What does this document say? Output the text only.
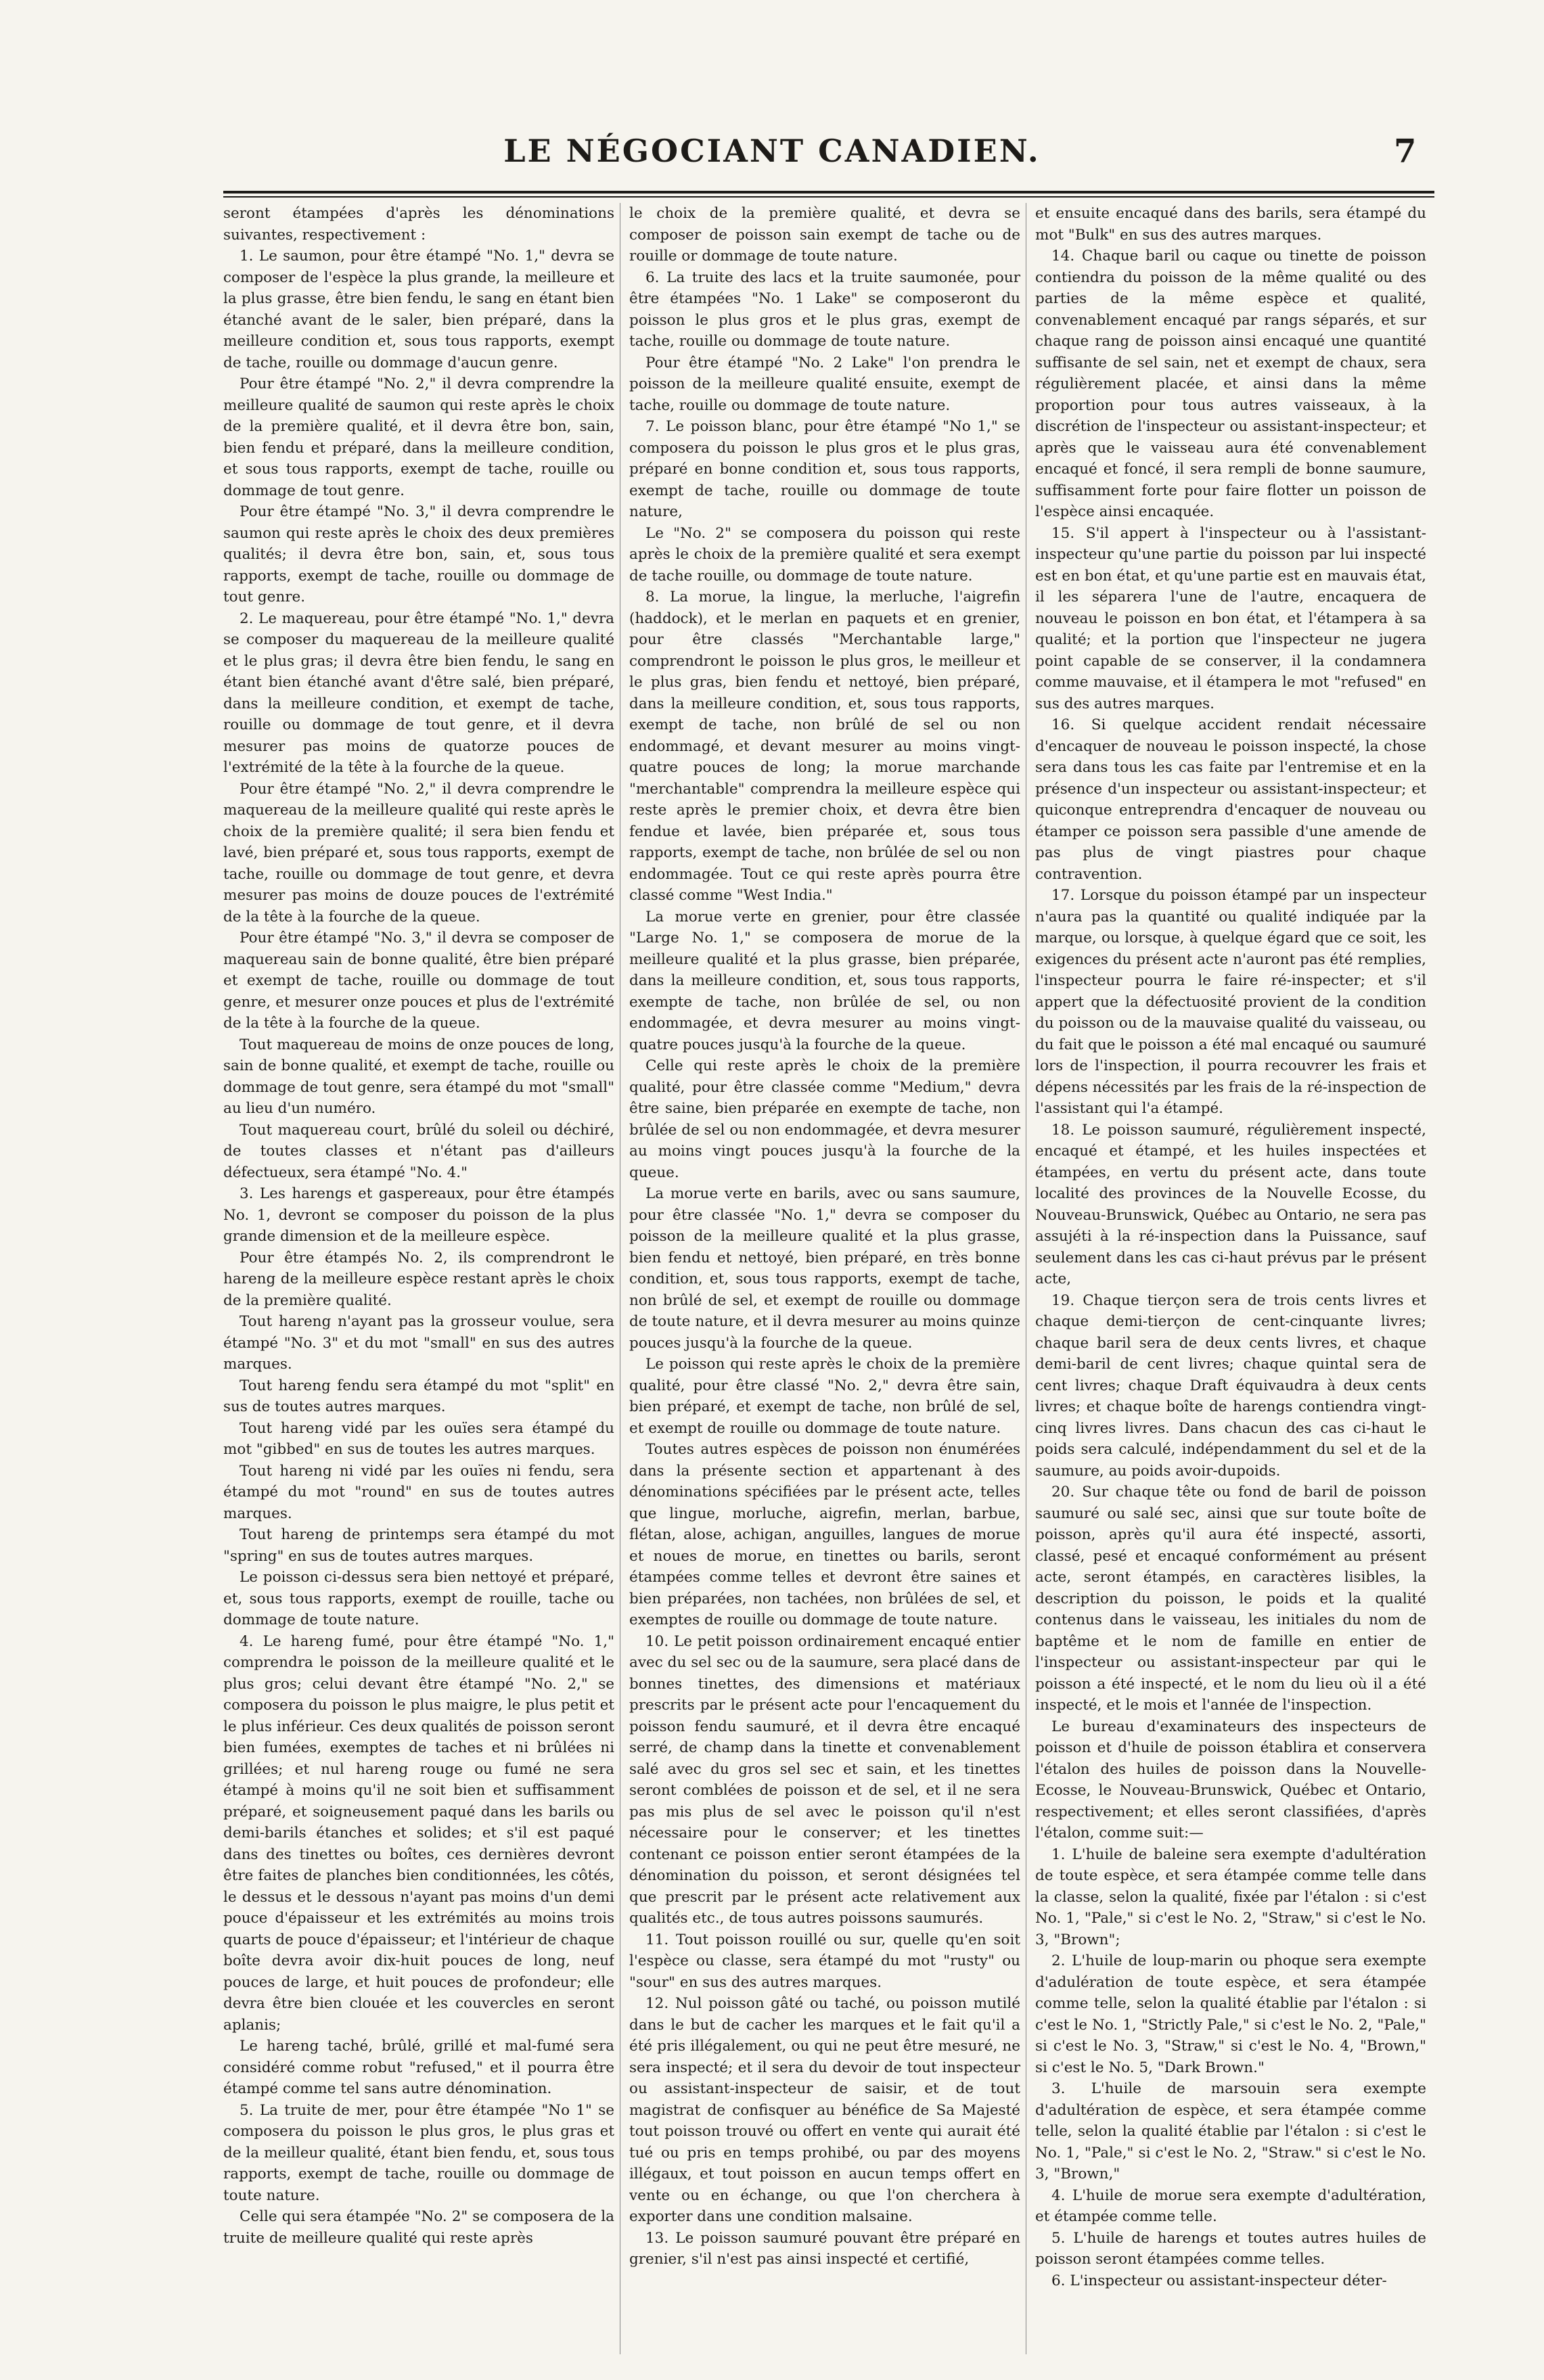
LE NÉGOCIANT CANADIEN.	7

seront étampées d'après les dénominations suivantes, respectivement :

1. Le saumon, pour être étampé "No. 1," devra se composer de l'espèce la plus grande, la meilleure et la plus grasse, être bien fendu, le sang en étant bien étanché avant de le saler, bien préparé, dans la meilleure condition et, sous tous rapports, exempt de tache, rouille ou dommage d'aucun genre.

Pour être étampé "No. 2," il devra comprendre la meilleure qualité de saumon qui reste après le choix de la première qualité, et il devra être bon, sain, bien fendu et préparé, dans la meilleure condition, et sous tous rapports, exempt de tache, rouille ou dommage de tout genre.

Pour être étampé "No. 3," il devra comprendre le saumon qui reste après le choix des deux premières qualités; il devra être bon, sain, et, sous tous rapports, exempt de tache, rouille ou dommage de tout genre.

2. Le maquereau, pour être étampé "No. 1," devra se composer du maquereau de la meilleure qualité et le plus gras; il devra être bien fendu, le sang en étant bien étanché avant d'être salé, bien préparé, dans la meilleure condition, et exempt de tache, rouille ou dommage de tout genre, et il devra mesurer pas moins de quatorze pouces de l'extrémité de la tête à la fourche de la queue.

Pour être étampé "No. 2," il devra comprendre le maquereau de la meilleure qualité qui reste après le choix de la première qualité; il sera bien fendu et lavé, bien préparé et, sous tous rapports, exempt de tache, rouille ou dommage de tout genre, et devra mesurer pas moins de douze pouces de l'extrémité de la tête à la fourche de la queue.

Pour être étampé "No. 3," il devra se composer de maquereau sain de bonne qualité, être bien préparé et exempt de tache, rouille ou dommage de tout genre, et mesurer onze pouces et plus de l'extrémité de la tête à la fourche de la queue.

Tout maquereau de moins de onze pouces de long, sain de bonne qualité, et exempt de tache, rouille ou dommage de tout genre, sera étampé du mot "small" au lieu d'un numéro.

Tout maquereau court, brûlé du soleil ou déchiré, de toutes classes et n'étant pas d'ailleurs défectueux, sera étampé "No. 4."

3. Les harengs et gaspereaux, pour être étampés No. 1, devront se composer du poisson de la plus grande dimension et de la meilleure espèce.

Pour être étampés No. 2, ils comprendront le hareng de la meilleure espèce restant après le choix de la première qualité.

Tout hareng n'ayant pas la grosseur voulue, sera étampé "No. 3" et du mot "small" en sus des autres marques.

Tout hareng fendu sera étampé du mot "split" en sus de toutes autres marques.

Tout hareng vidé par les ouïes sera étampé du mot "gibbed" en sus de toutes les autres marques.

Tout hareng ni vidé par les ouïes ni fendu, sera étampé du mot "round" en sus de toutes autres marques.

Tout hareng de printemps sera étampé du mot "spring" en sus de toutes autres marques.

Le poisson ci-dessus sera bien nettoyé et préparé, et, sous tous rapports, exempt de rouille, tache ou dommage de toute nature.

4. Le hareng fumé, pour être étampé "No. 1," comprendra le poisson de la meilleure qualité et le plus gros; celui devant être étampé "No. 2," se composera du poisson le plus maigre, le plus petit et le plus inférieur. Ces deux qualités de poisson seront bien fumées, exemptes de taches et ni brûlées ni grillées; et nul hareng rouge ou fumé ne sera étampé à moins qu'il ne soit bien et suffisamment préparé, et soigneusement paqué dans les barils ou demi-barils étanches et solides; et s'il est paqué dans des tinettes ou boîtes, ces dernières devront être faites de planches bien conditionnées, les côtés, le dessus et le dessous n'ayant pas moins d'un demi pouce d'épaisseur et les extrémités au moins trois quarts de pouce d'épaisseur; et l'intérieur de chaque boîte devra avoir dix-huit pouces de long, neuf pouces de large, et huit pouces de profondeur; elle devra être bien clouée et les couvercles en seront aplanis;

Le hareng taché, brûlé, grillé et mal-fumé sera considéré comme robut "refused," et il pourra être étampé comme tel sans autre dénomination.

5. La truite de mer, pour être étampée "No 1" se composera du poisson le plus gros, le plus gras et de la meilleur qualité, étant bien fendu, et, sous tous rapports, exempt de tache, rouille ou dommage de toute nature.

Celle qui sera étampée "No. 2" se composera de la truite de meilleure qualité qui reste après

le choix de la première qualité, et devra se composer de poisson sain exempt de tache ou de rouille or dommage de toute nature.

6. La truite des lacs et la truite saumonée, pour être étampées "No. 1 Lake" se composeront du poisson le plus gros et le plus gras, exempt de tache, rouille ou dommage de toute nature.

Pour être étampé "No. 2 Lake" l'on prendra le poisson de la meilleure qualité ensuite, exempt de tache, rouille ou dommage de toute nature.

7. Le poisson blanc, pour être étampé "No 1," se composera du poisson le plus gros et le plus gras, préparé en bonne condition et, sous tous rapports, exempt de tache, rouille ou dommage de toute nature,

Le "No. 2" se composera du poisson qui reste après le choix de la première qualité et sera exempt de tache rouille, ou dommage de toute nature.

8. La morue, la lingue, la merluche, l'aigrefin (haddock), et le merlan en paquets et en grenier, pour être classés "Merchantable large," comprendront le poisson le plus gros, le meilleur et le plus gras, bien fendu et nettoyé, bien préparé, dans la meilleure condition, et, sous tous rapports, exempt de tache, non brûlé de sel ou non endommagé, et devant mesurer au moins vingt-quatre pouces de long; la morue marchande "merchantable" comprendra la meilleure espèce qui reste après le premier choix, et devra être bien fendue et lavée, bien préparée et, sous tous rapports, exempt de tache, non brûlée de sel ou non endommagée. Tout ce qui reste après pourra être classé comme "West India."

La morue verte en grenier, pour être classée "Large No. 1," se composera de morue de la meilleure qualité et la plus grasse, bien préparée, dans la meilleure condition, et, sous tous rapports, exempte de tache, non brûlée de sel, ou non endommagée, et devra mesurer au moins vingt-quatre pouces jusqu'à la fourche de la queue.

Celle qui reste après le choix de la première qualité, pour être classée comme "Medium," devra être saine, bien préparée en exempte de tache, non brûlée de sel ou non endommagée, et devra mesurer au moins vingt pouces jusqu'à la fourche de la queue.

La morue verte en barils, avec ou sans saumure, pour être classée "No. 1," devra se composer du poisson de la meilleure qualité et la plus grasse, bien fendu et nettoyé, bien préparé, en très bonne condition, et, sous tous rapports, exempt de tache, non brûlé de sel, et exempt de rouille ou dommage de toute nature, et il devra mesurer au moins quinze pouces jusqu'à la fourche de la queue.

Le poisson qui reste après le choix de la première qualité, pour être classé "No. 2," devra être sain, bien préparé, et exempt de tache, non brûlé de sel, et exempt de rouille ou dommage de toute nature.

Toutes autres espèces de poisson non énumérées dans la présente section et appartenant à des dénominations spécifiées par le présent acte, telles que lingue, morluche, aigrefin, merlan, barbue, flétan, alose, achigan, anguilles, langues de morue et noues de morue, en tinettes ou barils, seront étampées comme telles et devront être saines et bien préparées, non tachées, non brûlées de sel, et exemptes de rouille ou dommage de toute nature.

10. Le petit poisson ordinairement encaqué entier avec du sel sec ou de la saumure, sera placé dans de bonnes tinettes, des dimensions et matériaux prescrits par le présent acte pour l'encaquement du poisson fendu saumuré, et il devra être encaqué serré, de champ dans la tinette et convenablement salé avec du gros sel sec et sain, et les tinettes seront comblées de poisson et de sel, et il ne sera pas mis plus de sel avec le poisson qu'il n'est nécessaire pour le conserver; et les tinettes contenant ce poisson entier seront étampées de la dénomination du poisson, et seront désignées tel que prescrit par le présent acte relativement aux qualités etc., de tous autres poissons saumurés.

11. Tout poisson rouillé ou sur, quelle qu'en soit l'espèce ou classe, sera étampé du mot "rusty" ou "sour" en sus des autres marques.

12. Nul poisson gâté ou taché, ou poisson mutilé dans le but de cacher les marques et le fait qu'il a été pris illégalement, ou qui ne peut être mesuré, ne sera inspecté; et il sera du devoir de tout inspecteur ou assistant-inspecteur de saisir, et de tout magistrat de confisquer au bénéfice de Sa Majesté tout poisson trouvé ou offert en vente qui aurait été tué ou pris en temps prohibé, ou par des moyens illégaux, et tout poisson en aucun temps offert en vente ou en échange, ou que l'on cherchera à exporter dans une condition malsaine.

13. Le poisson saumuré pouvant être préparé en grenier, s'il n'est pas ainsi inspecté et certifié,

et ensuite encaqué dans des barils, sera étampé du mot "Bulk" en sus des autres marques.

14. Chaque baril ou caque ou tinette de poisson contiendra du poisson de la même qualité ou des parties de la même espèce et qualité, convenablement encaqué par rangs séparés, et sur chaque rang de poisson ainsi encaqué une quantité suffisante de sel sain, net et exempt de chaux, sera régulièrement placée, et ainsi dans la même proportion pour tous autres vaisseaux, à la discrétion de l'inspecteur ou assistant-inspecteur; et après que le vaisseau aura été convenablement encaqué et foncé, il sera rempli de bonne saumure, suffisamment forte pour faire flotter un poisson de l'espèce ainsi encaquée.

15. S'il appert à l'inspecteur ou à l'assistant-inspecteur qu'une partie du poisson par lui inspecté est en bon état, et qu'une partie est en mauvais état, il les séparera l'une de l'autre, encaquera de nouveau le poisson en bon état, et l'étampera à sa qualité; et la portion que l'inspecteur ne jugera point capable de se conserver, il la condamnera comme mauvaise, et il étampera le mot "refused" en sus des autres marques.

16. Si quelque accident rendait nécessaire d'encaquer de nouveau le poisson inspecté, la chose sera dans tous les cas faite par l'entremise et en la présence d'un inspecteur ou assistant-inspecteur; et quiconque entreprendra d'encaquer de nouveau ou étamper ce poisson sera passible d'une amende de pas plus de vingt piastres pour chaque contravention.

17. Lorsque du poisson étampé par un inspecteur n'aura pas la quantité ou qualité indiquée par la marque, ou lorsque, à quelque égard que ce soit, les exigences du présent acte n'auront pas été remplies, l'inspecteur pourra le faire ré-inspecter; et s'il appert que la défectuosité provient de la condition du poisson ou de la mauvaise qualité du vaisseau, ou du fait que le poisson a été mal encaqué ou saumuré lors de l'inspection, il pourra recouvrer les frais et dépens nécessités par les frais de la ré-inspection de l'assistant qui l'a étampé.

18. Le poisson saumuré, régulièrement inspecté, encaqué et étampé, et les huiles inspectées et étampées, en vertu du présent acte, dans toute localité des provinces de la Nouvelle Ecosse, du Nouveau-Brunswick, Québec au Ontario, ne sera pas assujéti à la ré-inspection dans la Puissance, sauf seulement dans les cas ci-haut prévus par le présent acte,

19. Chaque tierçon sera de trois cents livres et chaque demi-tierçon de cent-cinquante livres; chaque baril sera de deux cents livres, et chaque demi-baril de cent livres; chaque quintal sera de cent livres; chaque Draft équivaudra à deux cents livres; et chaque boîte de harengs contiendra vingt-cinq livres livres. Dans chacun des cas ci-haut le poids sera calculé, indépendamment du sel et de la saumure, au poids avoir-dupoids.

20. Sur chaque tête ou fond de baril de poisson saumuré ou salé sec, ainsi que sur toute boîte de poisson, après qu'il aura été inspecté, assorti, classé, pesé et encaqué conformément au présent acte, seront étampés, en caractères lisibles, la description du poisson, le poids et la qualité contenus dans le vaisseau, les initiales du nom de baptême et le nom de famille en entier de l'inspecteur ou assistant-inspecteur par qui le poisson a été inspecté, et le nom du lieu où il a été inspecté, et le mois et l'année de l'inspection.

Le bureau d'examinateurs des inspecteurs de poisson et d'huile de poisson établira et conservera l'étalon des huiles de poisson dans la Nouvelle-Ecosse, le Nouveau-Brunswick, Québec et Ontario, respectivement; et elles seront classifiées, d'après l'étalon, comme suit:—

1. L'huile de baleine sera exempte d'adultération de toute espèce, et sera étampée comme telle dans la classe, selon la qualité, fixée par l'étalon : si c'est No. 1, "Pale," si c'est le No. 2, "Straw," si c'est le No. 3, "Brown";

2. L'huile de loup-marin ou phoque sera exempte d'adulération de toute espèce, et sera étampée comme telle, selon la qualité établie par l'étalon : si c'est le No. 1, "Strictly Pale," si c'est le No. 2, "Pale," si c'est le No. 3, "Straw," si c'est le No. 4, "Brown," si c'est le No. 5, "Dark Brown."

3. L'huile de marsouin sera exempte d'adultération de espèce, et sera étampée comme telle, selon la qualité établie par l'étalon : si c'est le No. 1, "Pale," si c'est le No. 2, "Straw." si c'est le No. 3, "Brown,"

4. L'huile de morue sera exempte d'adultération, et étampée comme telle.

5. L'huile de harengs et toutes autres huiles de poisson seront étampées comme telles.

6. L'inspecteur ou assistant-inspecteur déter-
